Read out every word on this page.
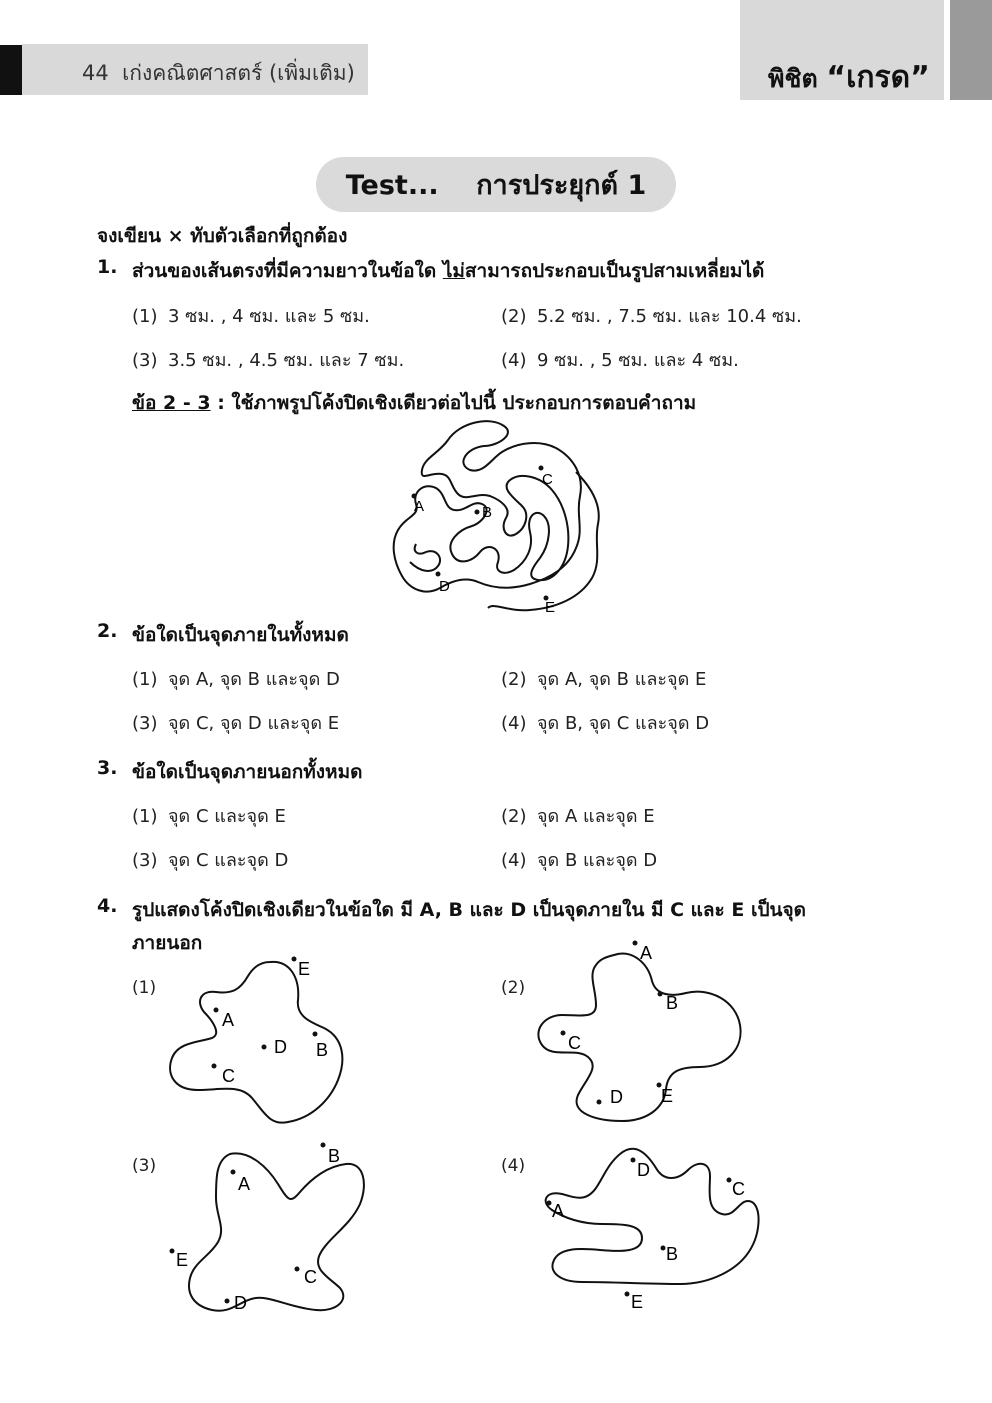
44 เก่งคณิตศาสตร์ (เพิ่มเติม)	พิชิต “เกรด”
Test...    การประยุกต์ 1
จงเขียน × ทับตัวเลือกที่ถูกต้อง
1. ส่วนของเส้นตรงที่มีความยาวในข้อใด ไม่สามารถประกอบเป็นรูปสามเหลี่ยมได้
(1) 3 ซม. , 4 ซม. และ 5 ซม.	(2) 5.2 ซม. , 7.5 ซม. และ 10.4 ซม.
(3) 3.5 ซม. , 4.5 ซม. และ 7 ซม.	(4) 9 ซม. , 5 ซม. และ 4 ซม.
ข้อ 2 - 3 : ใช้ภาพรูปโค้งปิดเชิงเดียวต่อไปนี้ ประกอบการตอบคำถาม
A	B
C
D
E
2. ข้อใดเป็นจุดภายในทั้งหมด
(1) จุด A, จุด B และจุด D	(2) จุด A, จุด B และจุด E
(3) จุด C, จุด D และจุด E	(4) จุด B, จุด C และจุด D
3. ข้อใดเป็นจุดภายนอกทั้งหมด
(1) จุด C และจุด E	(2) จุด A และจุด E
(3) จุด C และจุด D	(4) จุด B และจุด D
4. รูปแสดงโค้งปิดเชิงเดียวในข้อใด มี A, B และ D เป็นจุดภายใน มี C และ E เป็นจุด
ภายนอก
(1)
A
B
C
D
E
(2)
A
B
C
D E
(3)
A
B
C
D
E
(4)	D
C
A
B
E
